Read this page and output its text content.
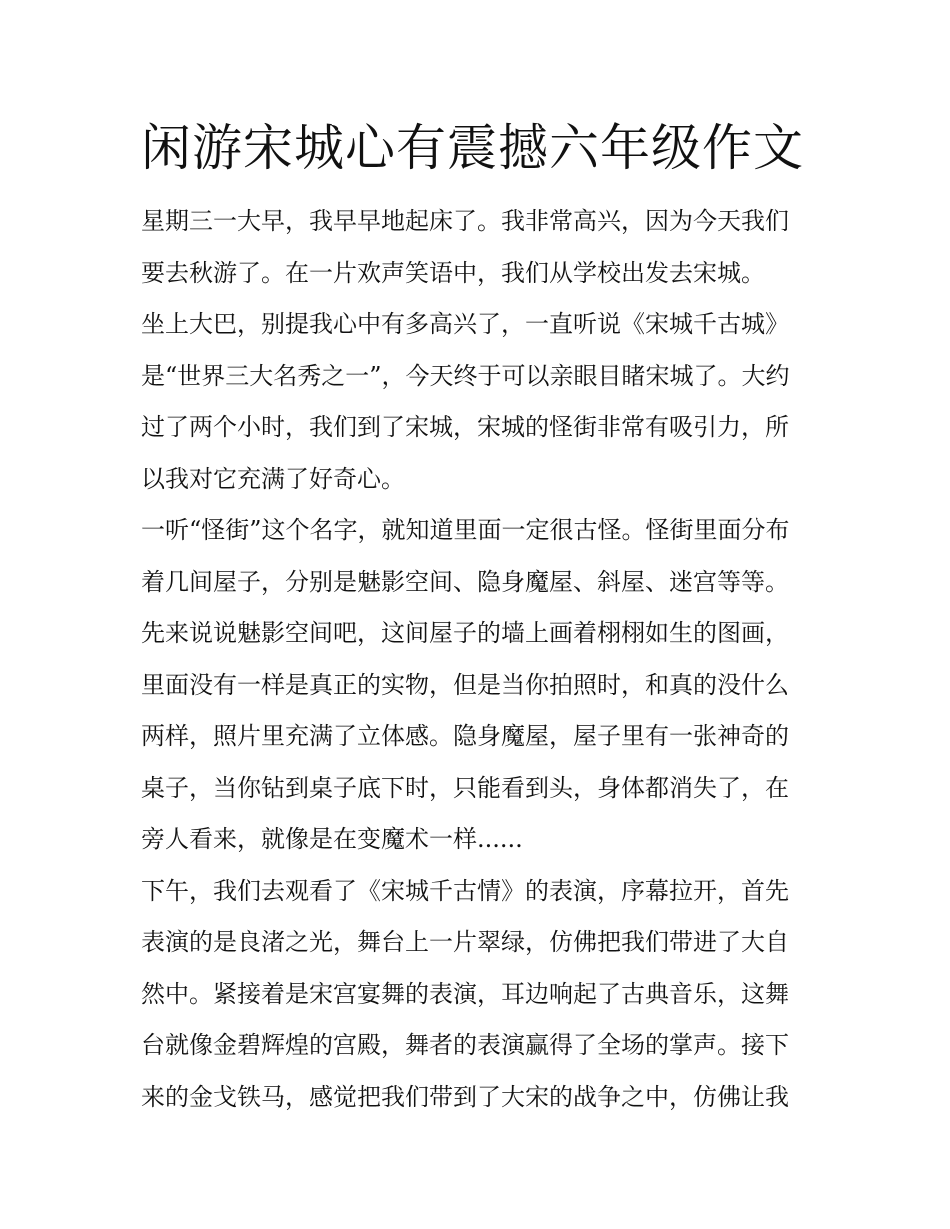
闲游宋城心有震撼六年级作文
星期三一大早，我早早地起床了。我非常高兴，因为今天我们
要去秋游了。在一片欢声笑语中，我们从学校出发去宋城。
坐上大巴，别提我心中有多高兴了，一直听说《宋城千古城》
是“世界三大名秀之一”，今天终于可以亲眼目睹宋城了。大约
过了两个小时，我们到了宋城，宋城的怪街非常有吸引力，所
以我对它充满了好奇心。
一听“怪街”这个名字，就知道里面一定很古怪。怪街里面分布
着几间屋子，分别是魅影空间、隐身魔屋、斜屋、迷宫等等。
先来说说魅影空间吧，这间屋子的墙上画着栩栩如生的图画，
里面没有一样是真正的实物，但是当你拍照时，和真的没什么
两样，照片里充满了立体感。隐身魔屋，屋子里有一张神奇的
桌子，当你钻到桌子底下时，只能看到头，身体都消失了，在
旁人看来，就像是在变魔术一样......
下午，我们去观看了《宋城千古情》的表演，序幕拉开，首先
表演的是良渚之光，舞台上一片翠绿，仿佛把我们带进了大自
然中。紧接着是宋宫宴舞的表演，耳边响起了古典音乐，这舞
台就像金碧辉煌的宫殿，舞者的表演赢得了全场的掌声。接下
来的金戈铁马，感觉把我们带到了大宋的战争之中，仿佛让我
